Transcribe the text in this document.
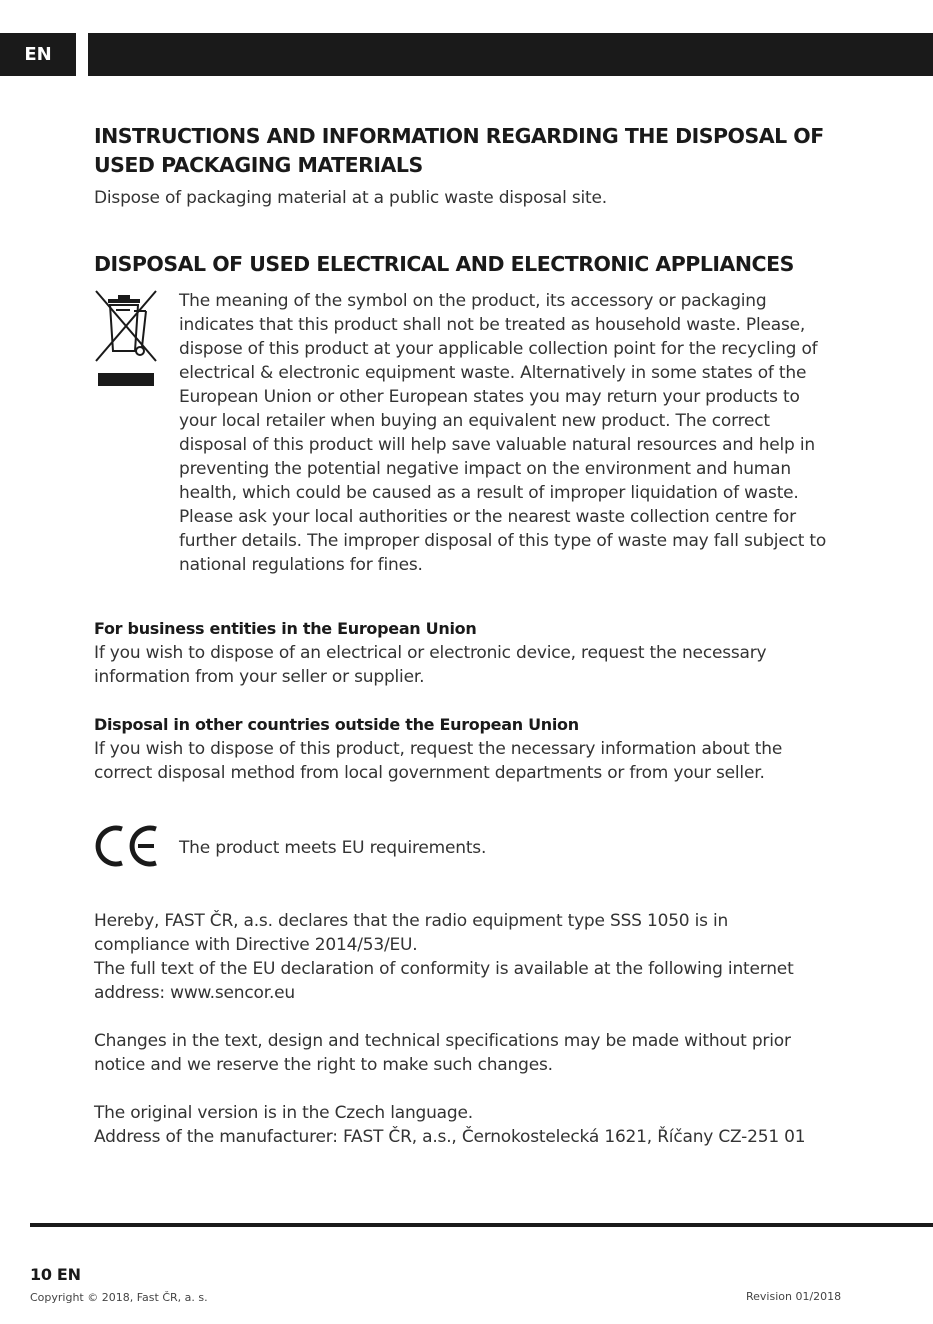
EN
INSTRUCTIONS AND INFORMATION REGARDING THE DISPOSAL OF USED PACKAGING MATERIALS

Dispose of packaging material at a public waste disposal site.

DISPOSAL OF USED ELECTRICAL AND ELECTRONIC APPLIANCES

The meaning of the symbol on the product, its accessory or packaging indicates that this product shall not be treated as household waste. Please, dispose of this product at your applicable collection point for the recycling of electrical & electronic equipment waste. Alternatively in some states of the European Union or other European states you may return your products to your local retailer when buying an equivalent new product. The correct disposal of this product will help save valuable natural resources and help in preventing the potential negative impact on the environment and human health, which could be caused as a result of improper liquidation of waste. Please ask your local authorities or the nearest waste collection centre for further details. The improper disposal of this type of waste may fall subject to national regulations for fines.

For business entities in the European Union

If you wish to dispose of an electrical or electronic device, request the necessary information from your seller or supplier.

Disposal in other countries outside the European Union

If you wish to dispose of this product, request the necessary information about the correct disposal method from local government departments or from your seller.

The product meets EU requirements.

Hereby, FAST ČR, a.s. declares that the radio equipment type SSS 1050 is in compliance with Directive 2014/53/EU.

The full text of the EU declaration of conformity is available at the following internet address: www.sencor.eu

Changes in the text, design and technical specifications may be made without prior notice and we reserve the right to make such changes.

The original version is in the Czech language.

Address of the manufacturer: FAST ČR, a.s., Černokostelecká 1621, Říčany CZ-251 01

10 EN
Copyright © 2018, Fast ČR, a. s.	Revision 01/2018
